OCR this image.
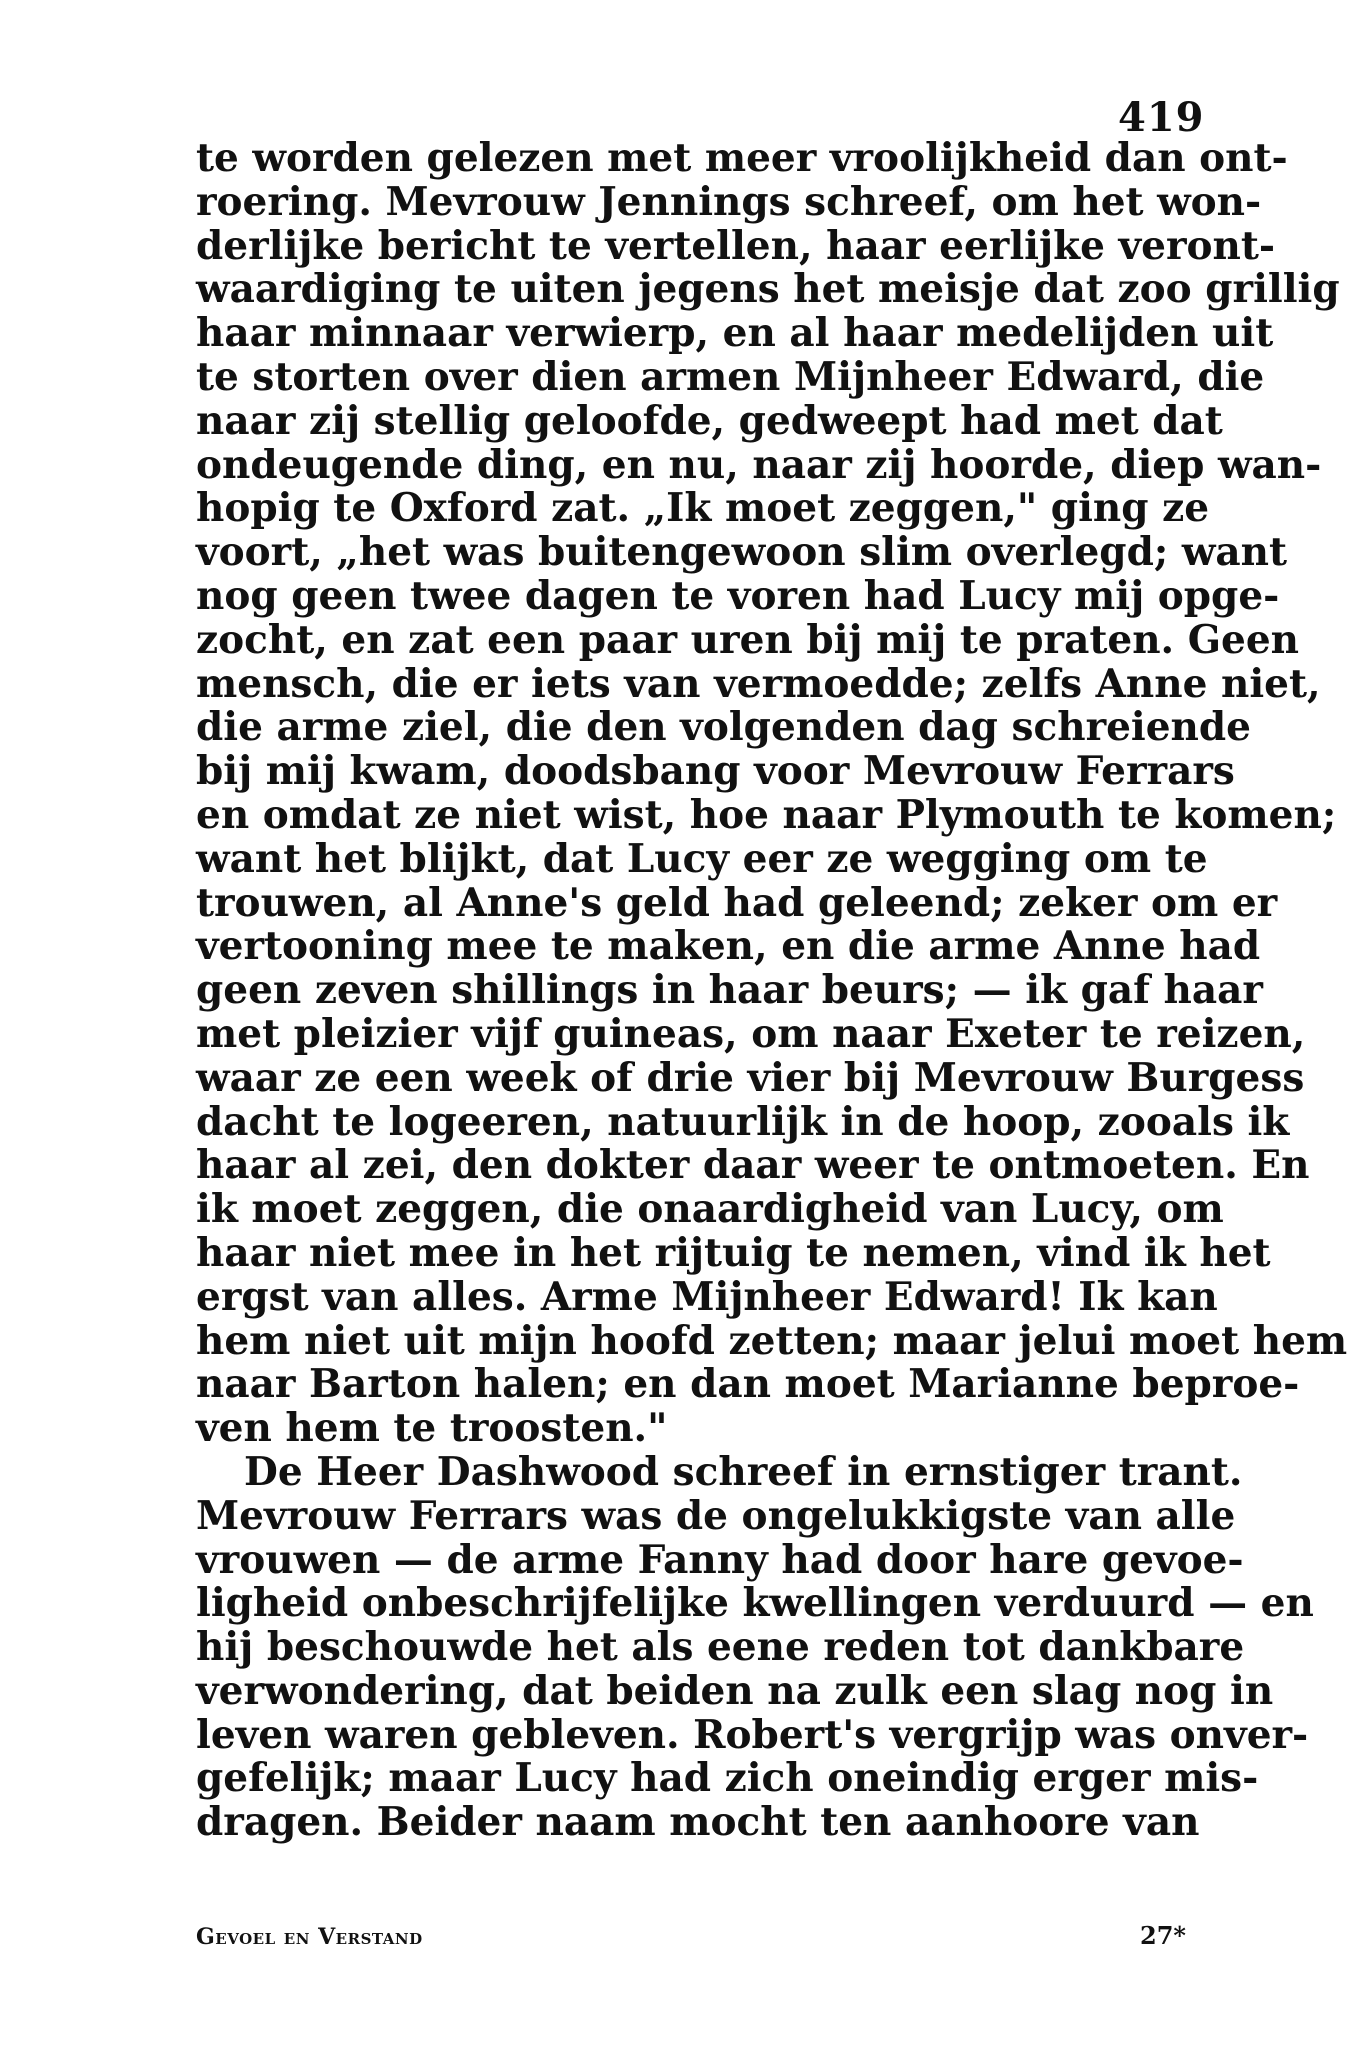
419
te worden gelezen met meer vroolijkheid dan ont-
roering. Mevrouw Jennings schreef, om het won-
derlijke bericht te vertellen, haar eerlijke veront-
waardiging te uiten jegens het meisje dat zoo grillig
haar minnaar verwierp, en al haar medelijden uit
te storten over dien armen Mijnheer Edward, die
naar zij stellig geloofde, gedweept had met dat
ondeugende ding, en nu, naar zij hoorde, diep wan-
hopig te Oxford zat. „Ik moet zeggen," ging ze
voort, „het was buitengewoon slim overlegd; want
nog geen twee dagen te voren had Lucy mij opge-
zocht, en zat een paar uren bij mij te praten. Geen
mensch, die er iets van vermoedde; zelfs Anne niet,
die arme ziel, die den volgenden dag schreiende
bij mij kwam, doodsbang voor Mevrouw Ferrars
en omdat ze niet wist, hoe naar Plymouth te komen;
want het blijkt, dat Lucy eer ze wegging om te
trouwen, al Anne's geld had geleend; zeker om er
vertooning mee te maken, en die arme Anne had
geen zeven shillings in haar beurs; — ik gaf haar
met pleizier vijf guineas, om naar Exeter te reizen,
waar ze een week of drie vier bij Mevrouw Burgess
dacht te logeeren, natuurlijk in de hoop, zooals ik
haar al zei, den dokter daar weer te ontmoeten. En
ik moet zeggen, die onaardigheid van Lucy, om
haar niet mee in het rijtuig te nemen, vind ik het
ergst van alles. Arme Mijnheer Edward! Ik kan
hem niet uit mijn hoofd zetten; maar jelui moet hem
naar Barton halen; en dan moet Marianne beproe-
ven hem te troosten."
De Heer Dashwood schreef in ernstiger trant.
Mevrouw Ferrars was de ongelukkigste van alle
vrouwen — de arme Fanny had door hare gevoe-
ligheid onbeschrijfelijke kwellingen verduurd — en
hij beschouwde het als eene reden tot dankbare
verwondering, dat beiden na zulk een slag nog in
leven waren gebleven. Robert's vergrijp was onver-
gefelijk; maar Lucy had zich oneindig erger mis-
dragen. Beider naam mocht ten aanhoore van
Gevoel en Verstand	27*
